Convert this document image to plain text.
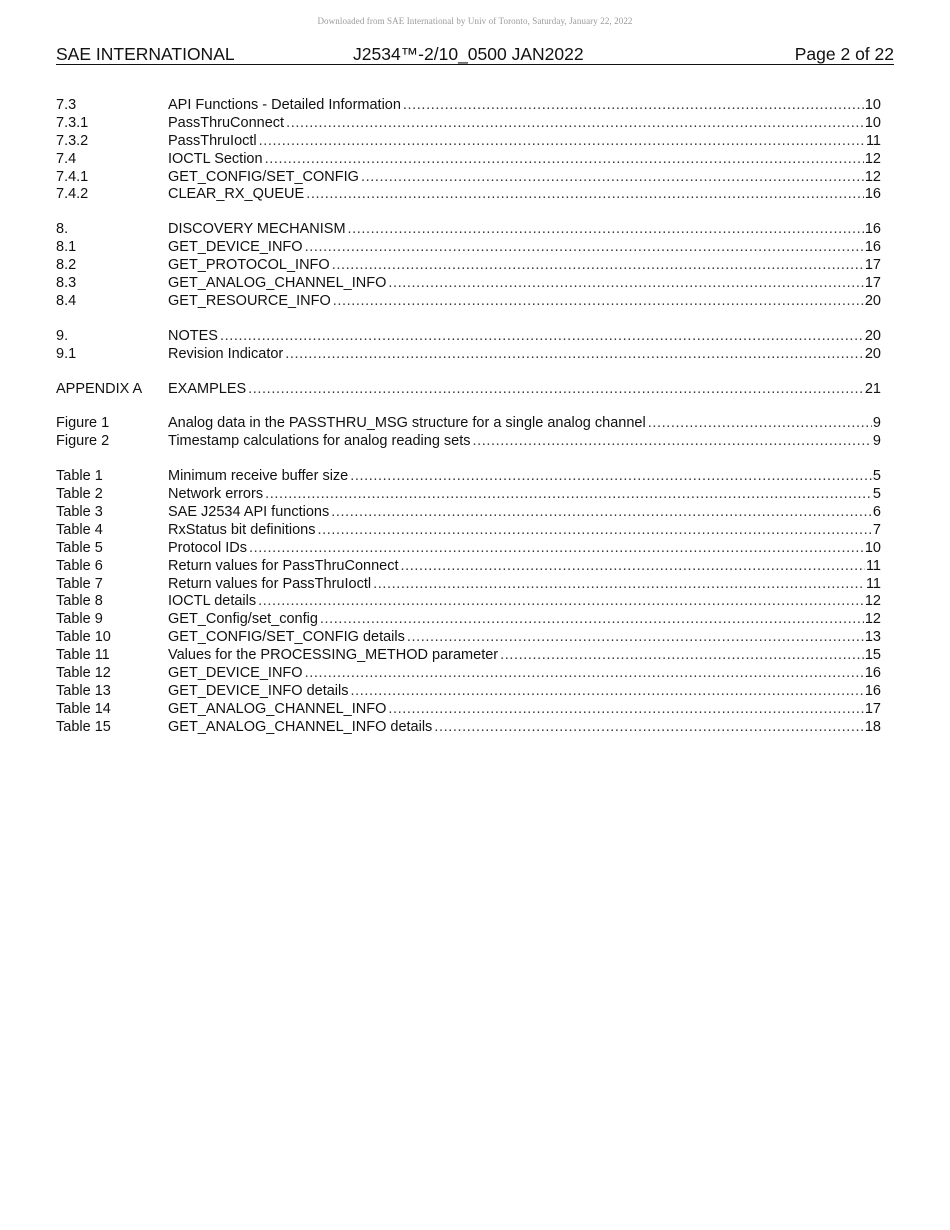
Downloaded from SAE International by Univ of Toronto, Saturday, January 22, 2022
SAE INTERNATIONAL	J2534™-2/10_0500 JAN2022	Page 2 of 22
7.3	API Functions - Detailed Information .....	10
7.3.1	PassThruConnect .....	10
7.3.2	PassThruIoctl .....	11
7.4	IOCTL Section .....	12
7.4.1	GET_CONFIG/SET_CONFIG .....	12
7.4.2	CLEAR_RX_QUEUE .....	16
8.	DISCOVERY MECHANISM .....	16
8.1	GET_DEVICE_INFO .....	16
8.2	GET_PROTOCOL_INFO .....	17
8.3	GET_ANALOG_CHANNEL_INFO .....	17
8.4	GET_RESOURCE_INFO .....	20
9.	NOTES .....	20
9.1	Revision Indicator .....	20
APPENDIX A EXAMPLES .....	21
Figure 1	Analog data in the PASSTHRU_MSG structure for a single analog channel .....	9
Figure 2	Timestamp calculations for analog reading sets .....	9
Table 1	Minimum receive buffer size .....	5
Table 2	Network errors .....	5
Table 3	SAE J2534 API functions .....	6
Table 4	RxStatus bit definitions .....	7
Table 5	Protocol IDs .....	10
Table 6	Return values for PassThruConnect .....	11
Table 7	Return values for PassThruIoctl .....	11
Table 8	IOCTL details .....	12
Table 9	GET_Config/set_config .....	12
Table 10	GET_CONFIG/SET_CONFIG details .....	13
Table 11	Values for the PROCESSING_METHOD parameter .....	15
Table 12	GET_DEVICE_INFO .....	16
Table 13	GET_DEVICE_INFO details .....	16
Table 14	GET_ANALOG_CHANNEL_INFO .....	17
Table 15	GET_ANALOG_CHANNEL_INFO details .....	18
